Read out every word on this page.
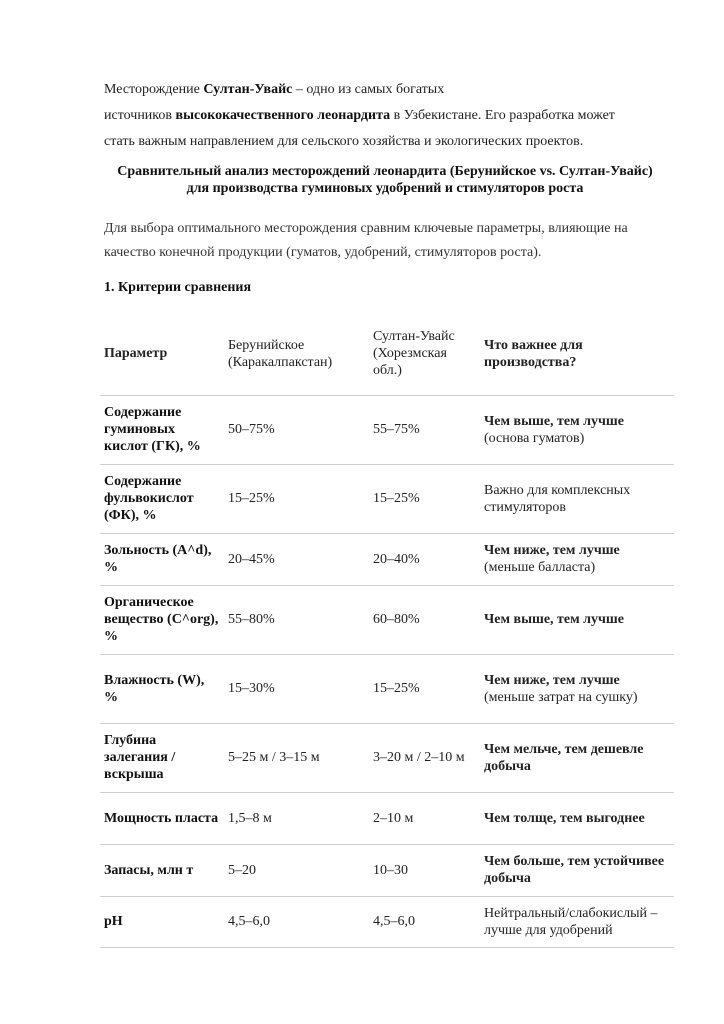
Месторождение Султан-Увайс – одно из самых богатых
источников высококачественного леонардита в Узбекистане. Его разработка может
стать важным направлением для сельского хозяйства и экологических проектов.

Сравнительный анализ месторождений леонардита (Берунийское vs. Султан-Увайс)
для производства гуминовых удобрений и стимуляторов роста

Для выбора оптимального месторождения сравним ключевые параметры, влияющие на качество конечной продукции (гуматов, удобрений, стимуляторов роста).

1. Критерии сравнения
Параметр	Берунийское (Каракалпакстан)	Султан-Увайс (Хорезмская обл.)	Что важнее для производства?
Содержание гуминовых кислот (ГК), %	50–75%	55–75%	Чем выше, тем лучше (основа гуматов)
Содержание фульвокислот (ФК), %	15–25%	15–25%	Важно для комплексных стимуляторов
Зольность (A^d), %	20–45%	20–40%	Чем ниже, тем лучше (меньше балласта)
Органическое вещество (C^org), %	55–80%	60–80%	Чем выше, тем лучше
Влажность (W), %	15–30%	15–25%	Чем ниже, тем лучше (меньше затрат на сушку)
Глубина залегания / вскрыша	5–25 м / 3–15 м	3–20 м / 2–10 м	Чем мельче, тем дешевле добыча
Мощность пласта	1,5–8 м	2–10 м	Чем толще, тем выгоднее
Запасы, млн т	5–20	10–30	Чем больше, тем устойчивее добыча
pH	4,5–6,0	4,5–6,0	Нейтральный/слабокислый – лучше для удобрений
